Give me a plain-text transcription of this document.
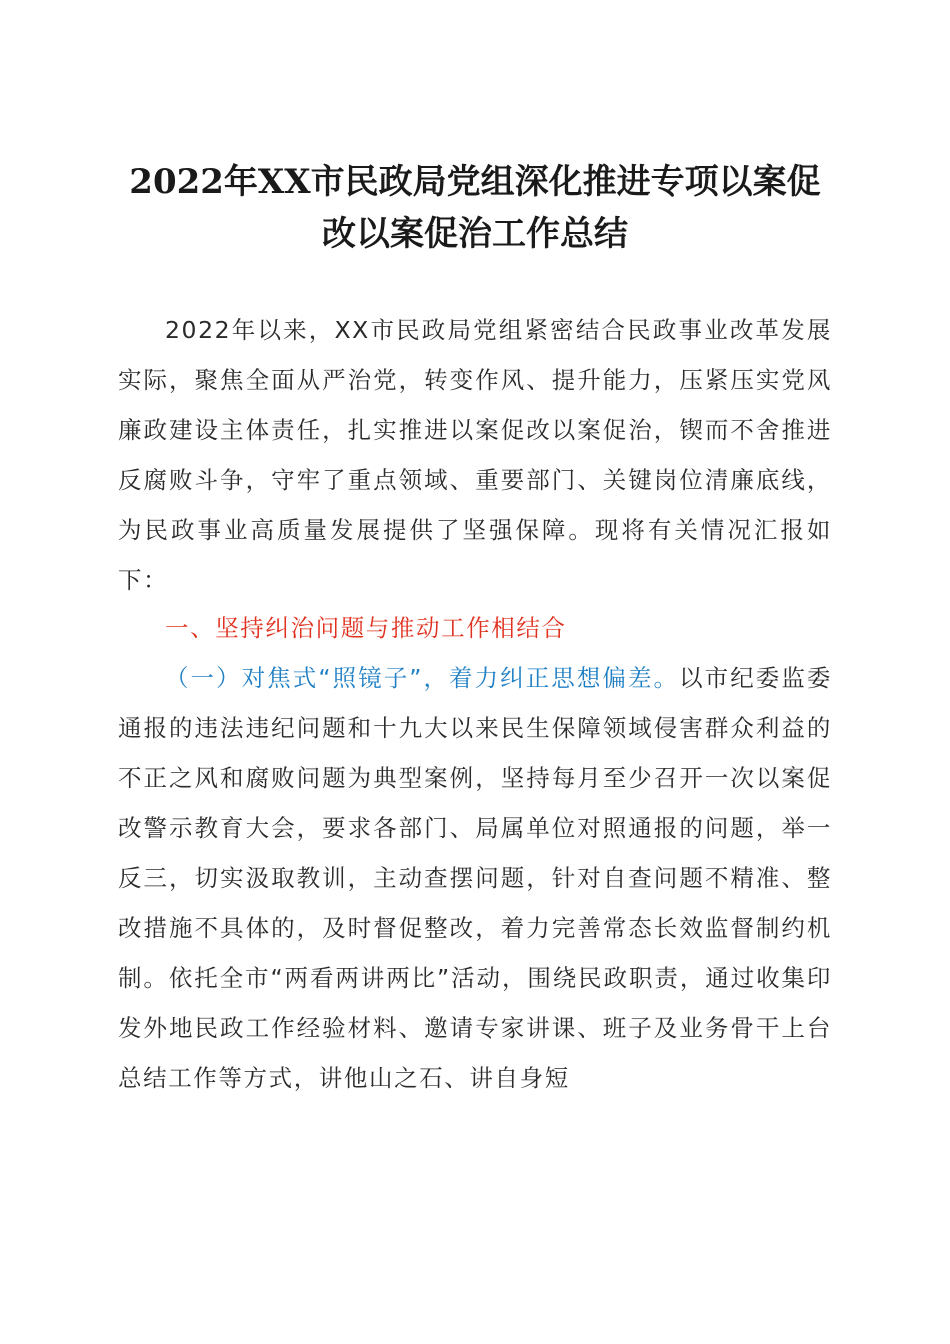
2022年XX市民政局党组深化推进专项以案促
改以案促治工作总结

2022年以来，XX市民政局党组紧密结合民政事业改革发展实际，聚焦全面从严治党，转变作风、提升能力，压紧压实党风廉政建设主体责任，扎实推进以案促改以案促治，锲而不舍推进反腐败斗争，守牢了重点领域、重要部门、关键岗位清廉底线，为民政事业高质量发展提供了坚强保障。现将有关情况汇报如下：

一、坚持纠治问题与推动工作相结合

（一）对焦式“照镜子”，着力纠正思想偏差。以市纪委监委通报的违法违纪问题和十九大以来民生保障领域侵害群众利益的不正之风和腐败问题为典型案例，坚持每月至少召开一次以案促改警示教育大会，要求各部门、局属单位对照通报的问题，举一反三，切实汲取教训，主动查摆问题，针对自查问题不精准、整改措施不具体的，及时督促整改，着力完善常态长效监督制约机制。依托全市“两看两讲两比”活动，围绕民政职责，通过收集印发外地民政工作经验材料、邀请专家讲课、班子及业务骨干上台总结工作等方式，讲他山之石、讲自身短
